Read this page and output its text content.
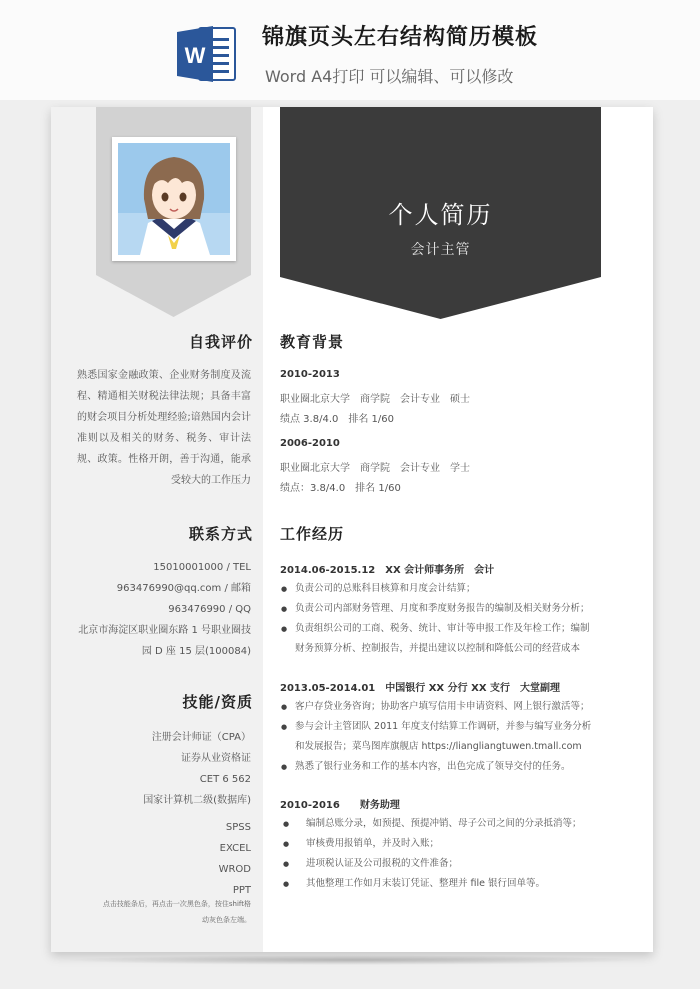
W
锦旗页头左右结构简历模板
Word A4打印 可以编辑、可以修改
个人简历
会计主管
自我评价
熟悉国家金融政策、企业财务制度及流程、精通相关财税法律法规；具备丰富的财会项目分析处理经验;谙熟国内会计准则以及相关的财务、税务、审计法规、政策。性格开朗，善于沟通，能承受较大的工作压力
联系方式
15010001000 / TEL
963476990@qq.com / 邮箱
963476990 / QQ
北京市海淀区职业圈东路 1 号职业圈技
园 D 座 15 层(100084)
技能/资质
注册会计师证（CPA）
证券从业资格证
CET 6 562
国家计算机二级(数据库)
SPSS
EXCEL
WROD
PPT
点击技能条后，再点击一次黑色条，按住shift格
动灰色条左端。
教育背景
2010-2013
职业圈北京大学　商学院　会计专业　硕士
绩点 3.8/4.0　排名 1/60
2006-2010
职业圈北京大学　商学院　会计专业　学士
绩点：3.8/4.0　排名 1/60
工作经历
2014.06-2015.12　XX 会计师事务所　会计
● 负责公司的总账科目核算和月度会计结算；
● 负责公司内部财务管理、月度和季度财务报告的编制及相关财务分析；
● 负责组织公司的工商、税务、统计、审计等申报工作及年检工作；编制
财务预算分析、控制报告，并提出建议以控制和降低公司的经营成本
2013.05-2014.01　中国银行 XX 分行 XX 支行　大堂副理
● 客户存贷业务咨询；协助客户填写信用卡申请资料、网上银行激活等；
● 参与会计主管团队 2011 年度支付结算工作调研，并参与编写业务分析
和发展报告；菜鸟图库旗舰店 https://liangliangtuwen.tmall.com
● 熟悉了银行业务和工作的基本内容，出色完成了领导交付的任务。
2010-2016　　财务助理
● 编制总账分录，如预提、预提冲销、母子公司之间的分录抵消等；
● 审核费用报销单，并及时入账；
● 进项税认证及公司报税的文件准备；
● 其他整理工作如月末装订凭证、整理并 file 银行回单等。
